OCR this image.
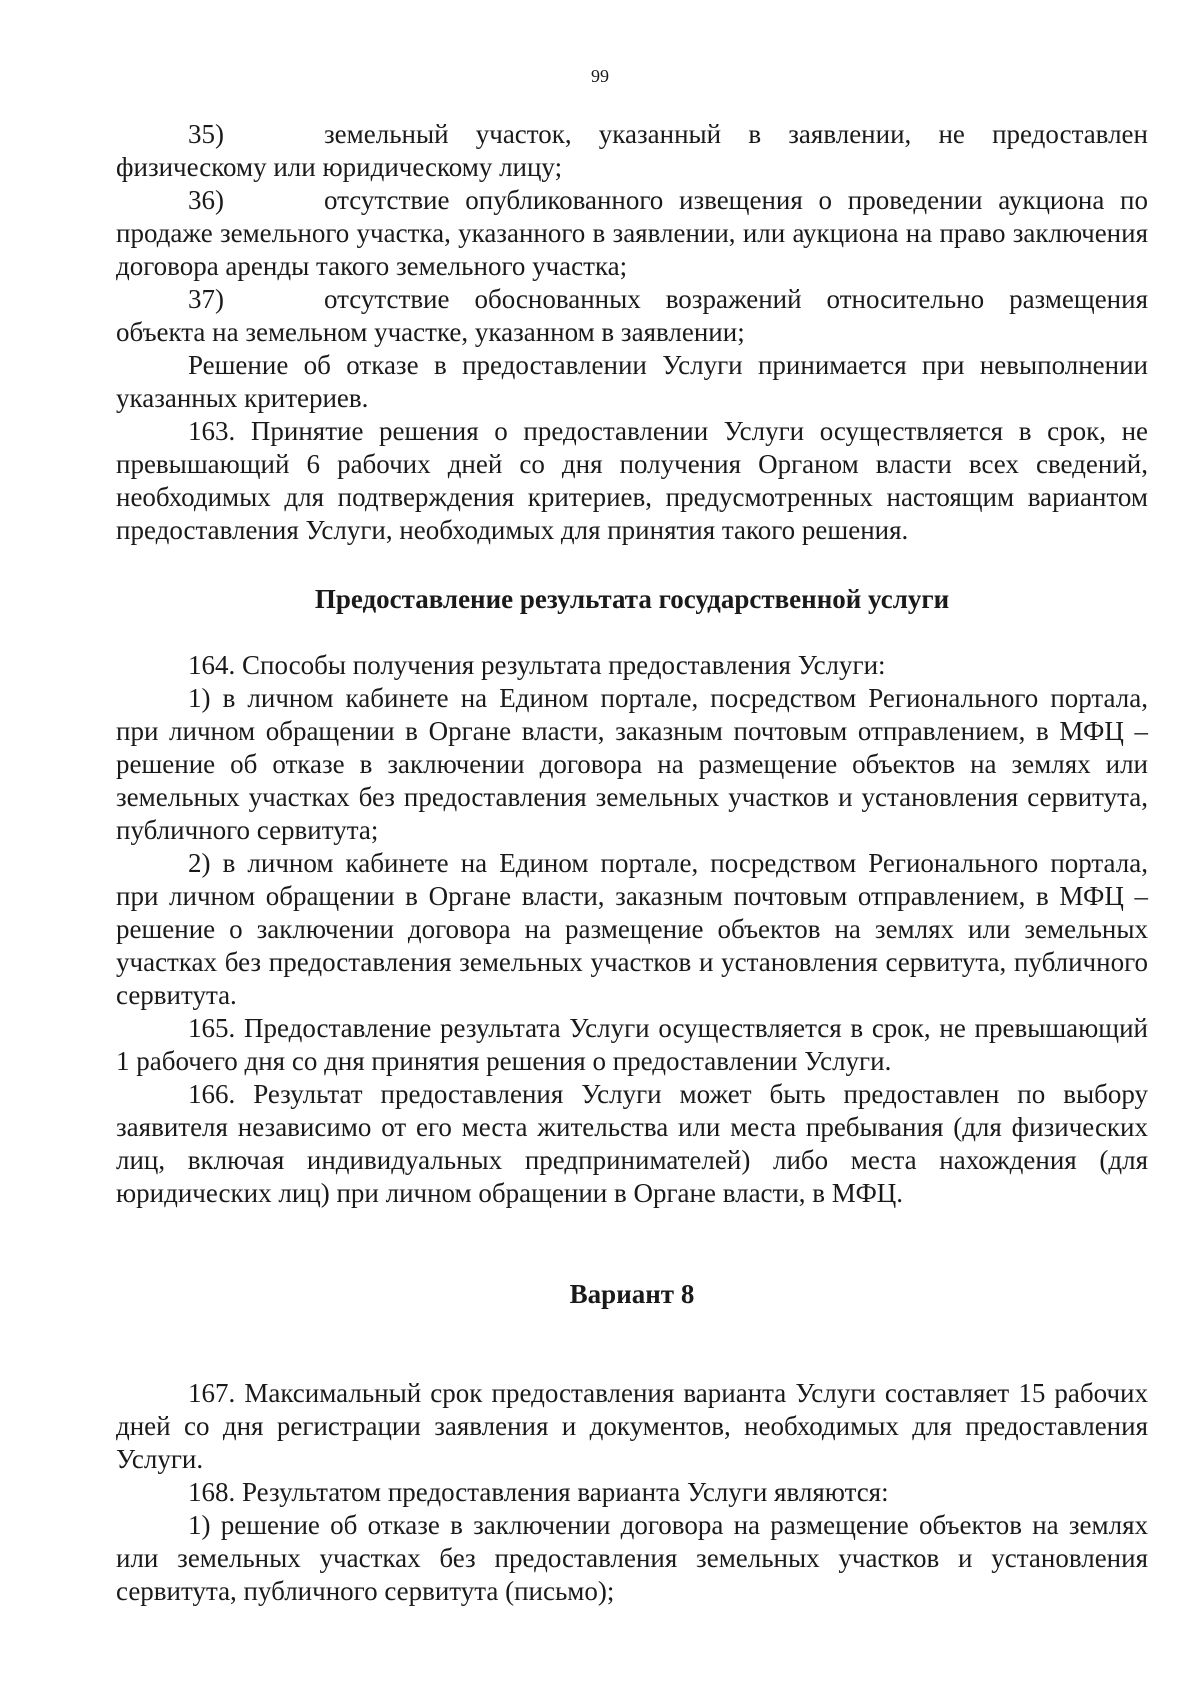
99

35)	земельный участок, указанный в заявлении, не предоставлен физическому или юридическому лицу;

36)	отсутствие опубликованного извещения о проведении аукциона по продаже земельного участка, указанного в заявлении, или аукциона на право заключения договора аренды такого земельного участка;

37)	отсутствие обоснованных возражений относительно размещения объекта на земельном участке, указанном в заявлении;

Решение об отказе в предоставлении Услуги принимается при невыполнении указанных критериев.

163. Принятие решения о предоставлении Услуги осуществляется в срок, не превышающий 6 рабочих дней со дня получения Органом власти всех сведений, необходимых для подтверждения критериев, предусмотренных настоящим вариантом предоставления Услуги, необходимых для принятия такого решения.

Предоставление результата государственной услуги

164. Способы получения результата предоставления Услуги:

1) в личном кабинете на Едином портале, посредством Регионального портала, при личном обращении в Органе власти, заказным почтовым отправлением, в МФЦ – решение об отказе в заключении договора на размещение объектов на землях или земельных участках без предоставления земельных участков и установления сервитута, публичного сервитута;

2) в личном кабинете на Едином портале, посредством Регионального портала, при личном обращении в Органе власти, заказным почтовым отправлением, в МФЦ – решение о заключении договора на размещение объектов на землях или земельных участках без предоставления земельных участков и установления сервитута, публичного сервитута.

165. Предоставление результата Услуги осуществляется в срок, не превышающий 1 рабочего дня со дня принятия решения о предоставлении Услуги.

166. Результат предоставления Услуги может быть предоставлен по выбору заявителя независимо от его места жительства или места пребывания (для физических лиц, включая индивидуальных предпринимателей) либо места нахождения (для юридических лиц) при личном обращении в Органе власти, в МФЦ.

Вариант 8

167. Максимальный срок предоставления варианта Услуги составляет 15 рабочих дней со дня регистрации заявления и документов, необходимых для предоставления Услуги.

168. Результатом предоставления варианта Услуги являются:

1) решение об отказе в заключении договора на размещение объектов на землях или земельных участках без предоставления земельных участков и установления сервитута, публичного сервитута (письмо);
